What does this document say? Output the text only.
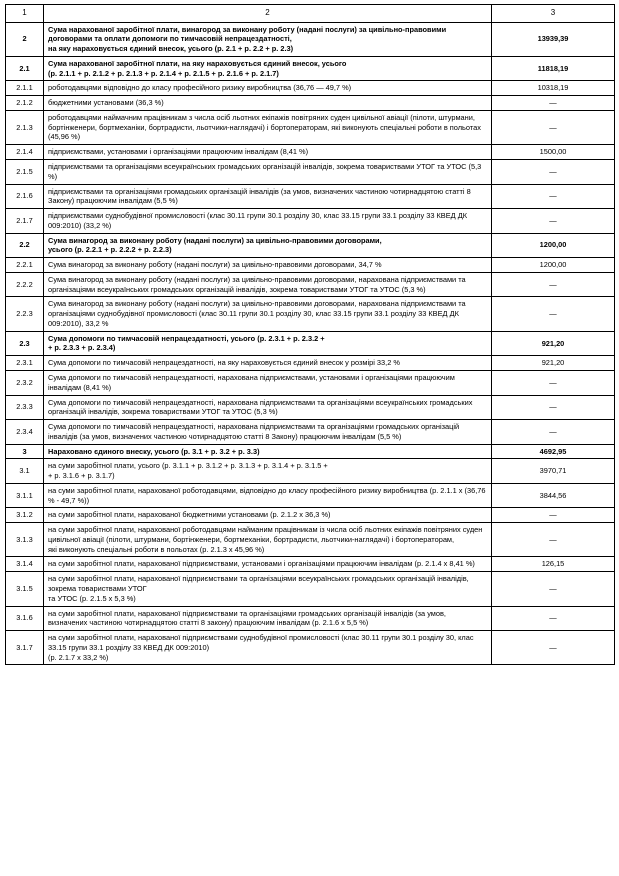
1	2	3
2	Сума нарахованої заробітної плати, винагород за виконану роботу (надані послуги) за цивільно-правовими договорами та оплати допомоги по тимчасовій непрацездатності,
на яку нараховується єдиний внесок, усього (р. 2.1 + р. 2.2 + р. 2.3)	13939,39
2.1	Сума нарахованої заробітної плати, на яку нараховується єдиний внесок, усього
(р. 2.1.1 + р. 2.1.2 + р. 2.1.3 + р. 2.1.4 + р. 2.1.5 + р. 2.1.6 + р. 2.1.7)	11818,19
2.1.1	роботодавцями відповідно до класу професійного ризику виробництва (36,76 — 49,7 %)	10318,19
2.1.2	бюджетними установами (36,3 %)	—
2.1.3	роботодавцями наймачним працівникам з числа осіб льотних екіпажів повітряних суден цивільної авіації (пілоти, штурмани, бортінженери, бортмеханіки, бортрадисти, льотчики-наглядачі) і бортоператорам, які виконують спеціальні роботи в польотах (45,96 %)	—
2.1.4	підприємствами, установами і організаціями працюючим інвалідам (8,41 %)	1500,00
2.1.5	підприємствами та організаціями всеукраїнських громадських організацій інвалідів, зокрема товариствами УТОГ та УТОС (5,3 %)	—
2.1.6	підприємствами та організаціями громадських організацій інвалідів (за умов, визначених частиною чотирнадцятою статті 8 Закону) працюючим інвалідам (5,5 %)	—
2.1.7	підприємствами суднобудівної промисловості (клас 30.11 групи 30.1 розділу 30, клас 33.15 групи 33.1 розділу 33 КВЕД ДК 009:2010) (33,2 %)	—
2.2	Сума винагород за виконану роботу (надані послуги) за цивільно-правовими договорами,
усього (р. 2.2.1 + р. 2.2.2 + р. 2.2.3)	1200,00
2.2.1	Сума винагород за виконану роботу (надані послуги) за цивільно-правовими договорами, 34,7 %	1200,00
2.2.2	Сума винагород за виконану роботу (надані послуги) за цивільно-правовими договорами, нарахована підприємствами та організаціями всеукраїнських громадських організацій інвалідів, зокрема товариствами УТОГ та УТОС (5,3 %)	—
2.2.3	Сума винагород за виконану роботу (надані послуги) за цивільно-правовими договорами, нарахована підприємствами та організаціями суднобудівної промисловості (клас 30.11 групи 30.1 розділу 30, клас 33.15 групи 33.1 розділу 33 КВЕД ДК 009:2010), 33,2 %	—
2.3	Сума допомоги по тимчасовій непрацездатності, усього (р. 2.3.1 + р. 2.3.2 +
+ р. 2.3.3 + р. 2.3.4)	921,20
2.3.1	Сума допомоги по тимчасовій непрацездатності, на яку нараховується єдиний внесок у розмірі 33,2 %	921,20
2.3.2	Сума допомоги по тимчасовій непрацездатності, нарахована підприємствами, установами і організаціями працюючим інвалідам (8,41 %)	—
2.3.3	Сума допомоги по тимчасовій непрацездатності, нарахована підприємствами та організаціями всеукраїнських громадських організацій інвалідів, зокрема товариствами УТОГ та УТОС (5,3 %)	—
2.3.4	Сума допомоги по тимчасовій непрацездатності, нарахована підприємствами та організаціями громадських організацій інвалідів (за умов, визначених частиною чотирнадцятою статті 8 Закону) працюючим інвалідам (5,5 %)	—
3	Нараховано єдиного внеску, усього (р. 3.1 + р. 3.2 + р. 3.3)	4692,95
3.1	на суми заробітної плати, усього (р. 3.1.1 + р. 3.1.2 + р. 3.1.3 + р. 3.1.4 + р. 3.1.5 +
+ р. 3.1.6 + р. 3.1.7)	3970,71
3.1.1	на суми заробітної плати, нарахованої роботодавцями, відповідно до класу професійного ризику виробництва (р. 2.1.1 х (36,76 % - 49,7 %))	3844,56
3.1.2	на суми заробітної плати, нарахованої бюджетними установами (р. 2.1.2 х 36,3 %)	—
3.1.3	на суми заробітної плати, нарахованої роботодавцями найманим працівникам із числа осіб льотних екіпажів повітряних суден цивільної авіації (пілоти, штурмани, бортінженери, бортмеханіки, бортрадисти, льотчики-наглядачі) і бортоператорам,
які виконують спеціальні роботи в польотах (р. 2.1.3 х 45,96 %)	—
3.1.4	на суми заробітної плати, нарахованої підприємствами, установами і організаціями працюючим інвалідам (р. 2.1.4 х 8,41 %)	126,15
3.1.5	на суми заробітної плати, нарахованої підприємствами та організаціями всеукраїнських громадських організацій інвалідів, зокрема товариствами УТОГ
та УТОС (р. 2.1.5 х 5,3 %)	—
3.1.6	на суми заробітної плати, нарахованої підприємствами та організаціями громадських організацій інвалідів (за умов, визначених частиною чотирнадцятою статті 8 закону) працюючим інвалідам (р. 2.1.6 х 5,5 %)	—
3.1.7	на суми заробітної плати, нарахованої підприємствами суднобудівної промисловості (клас 30.11 групи 30.1 розділу 30, клас 33.15 групи 33.1 розділу 33 КВЕД ДК 009:2010)
(р. 2.1.7 х 33,2 %)	—
